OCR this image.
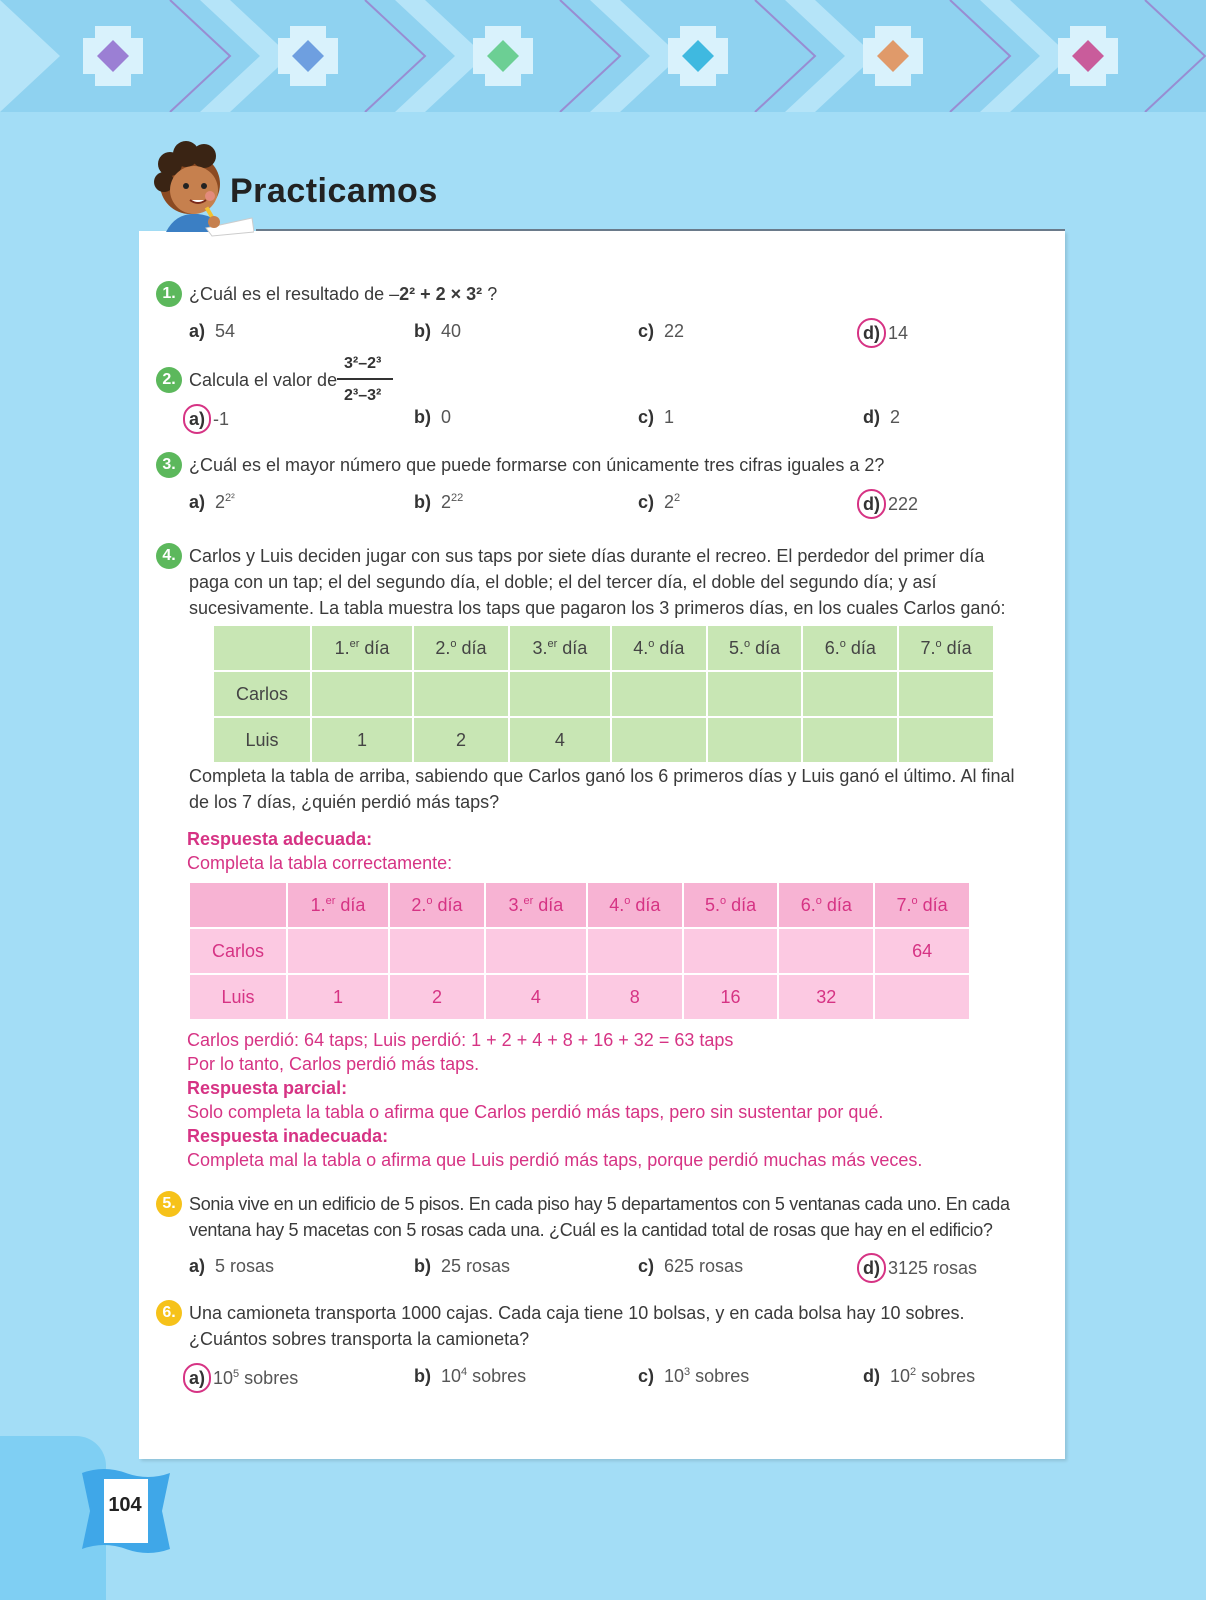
Practicamos
1. ¿Cuál es el resultado de –2² + 2 × 3² ?
a) 54	b) 40	c) 22	d) 14
2. Calcula el valor de
3²–2³
2³–3²
a) -1	b) 0	c) 1	d) 2
3. ¿Cuál es el mayor número que puede formarse con únicamente tres cifras iguales a 2?
a) $2^{2^2}$	b) $2^{22}$	c) $2^2$	d) 222
4. Carlos y Luis deciden jugar con sus taps por siete días durante el recreo. El perdedor del primer día paga con un tap; el del segundo día, el doble; el del tercer día, el doble del segundo día; y así sucesivamente. La tabla muestra los taps que pagaron los 3 primeros días, en los cuales Carlos ganó:
	1.$^{er}$ día	2.$^o$ día	3.$^{er}$ día	4.$^o$ día	5.$^o$ día	6.$^o$ día	7.$^o$ día
Carlos							
Luis	1	2	4				
Completa la tabla de arriba, sabiendo que Carlos ganó los 6 primeros días y Luis ganó el último. Al final de los 7 días, ¿quién perdió más taps?
Respuesta adecuada:
Completa la tabla correctamente:
	1.$^{er}$ día	2.$^o$ día	3.$^{er}$ día	4.$^o$ día	5.$^o$ día	6.$^o$ día	7.$^o$ día
Carlos							64
Luis	1	2	4	8	16	32	
Carlos perdió: 64 taps; Luis perdió: 1 + 2 + 4 + 8 + 16 + 32 = 63 taps
Por lo tanto, Carlos perdió más taps.
Respuesta parcial:
Solo completa la tabla o afirma que Carlos perdió más taps, pero sin sustentar por qué.
Respuesta inadecuada:
Completa mal la tabla o afirma que Luis perdió más taps, porque perdió muchas más veces.
5. Sonia vive en un edificio de 5 pisos. En cada piso hay 5 departamentos con 5 ventanas cada uno. En cada ventana hay 5 macetas con 5 rosas cada una. ¿Cuál es la cantidad total de rosas que hay en el edificio?
a) 5 rosas	b) 25 rosas	c) 625 rosas	d) 3125 rosas
6. Una camioneta transporta 1000 cajas. Cada caja tiene 10 bolsas, y en cada bolsa hay 10 sobres. ¿Cuántos sobres transporta la camioneta?
a) $10^5$ sobres	b) $10^4$ sobres	c) $10^3$ sobres	d) $10^2$ sobres
104
